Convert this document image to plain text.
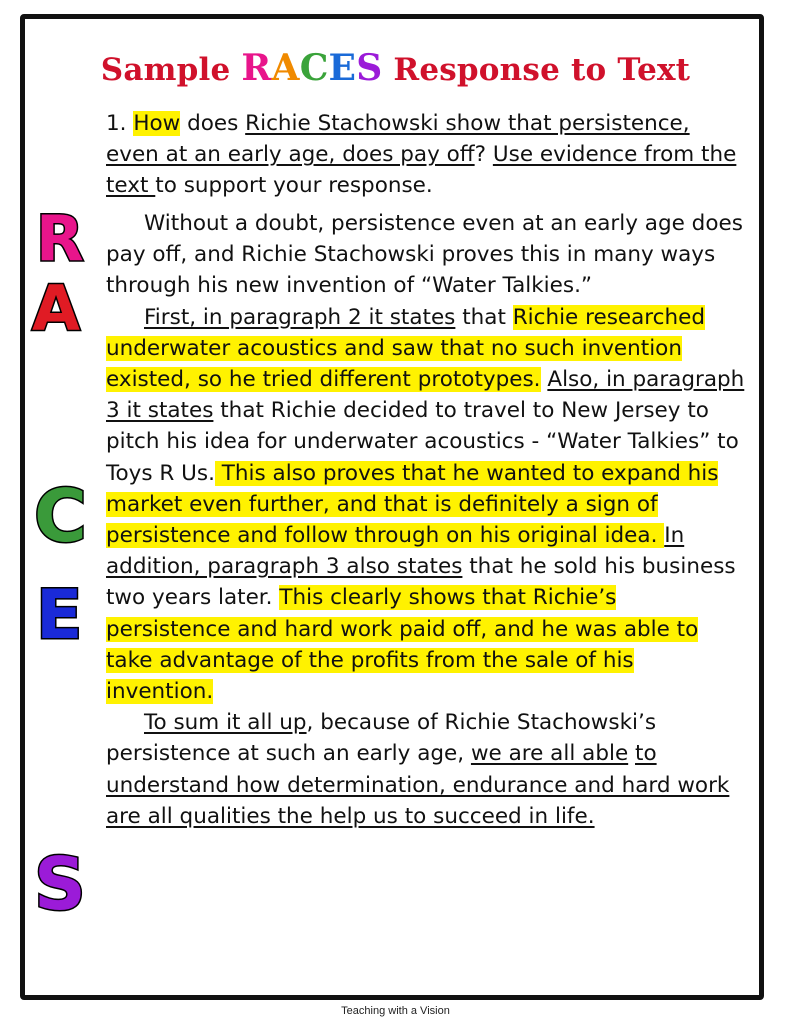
Sample RACES Response to Text
1. How does Richie Stachowski show that persistence, even at an early age, does pay off? Use evidence from the text to support your response.

Without a doubt, persistence even at an early age does pay off, and Richie Stachowski proves this in many ways through his new invention of “Water Talkies.”

First, in paragraph 2 it states that Richie researched underwater acoustics and saw that no such invention existed, so he tried different prototypes. Also, in paragraph 3 it states that Richie decided to travel to New Jersey to pitch his idea for underwater acoustics - “Water Talkies” to Toys R Us. This also proves that he wanted to expand his market even further, and that is definitely a sign of persistence and follow through on his original idea. In addition, paragraph 3 also states that he sold his business two years later. This clearly shows that Richie’s persistence and hard work paid off, and he was able to take advantage of the profits from the sale of his invention.

To sum it all up, because of Richie Stachowski’s persistence at such an early age, we are all able to understand how determination, endurance and hard work are all qualities the help us to succeed in life.

R
A
C
E
S
Teaching with a Vision
